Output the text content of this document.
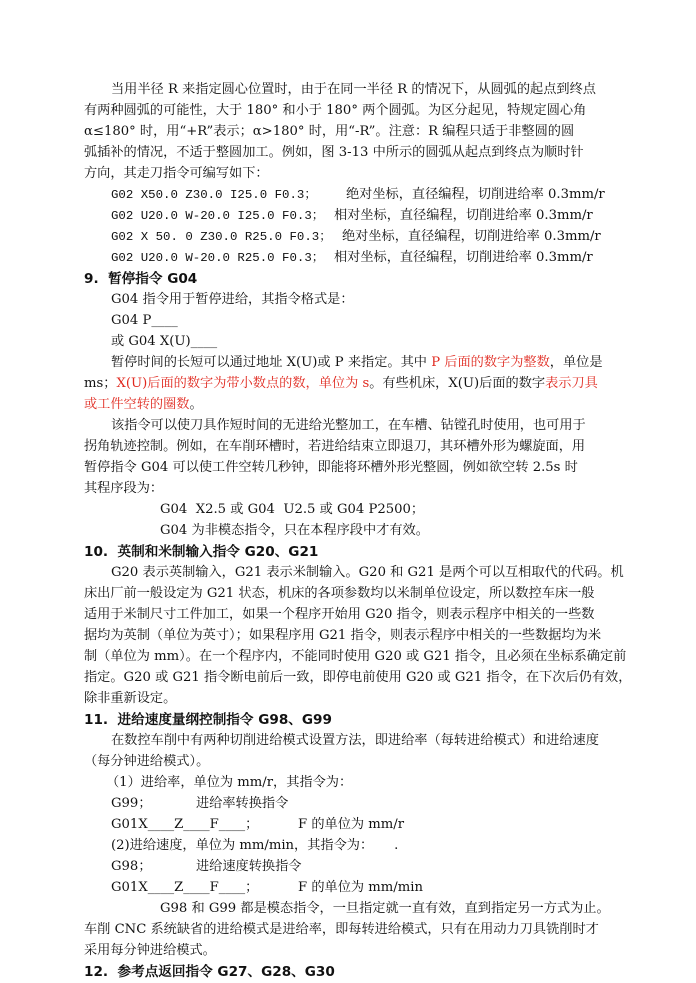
当用半径 R 来指定圆心位置时，由于在同一半径 R 的情况下，从圆弧的起点到终点
有两种圆弧的可能性，大于 180° 和小于 180° 两个圆弧。为区分起见，特规定圆心角
α≤180° 时，用“+R”表示；α>180° 时，用“-R”。注意：R 编程只适于非整圆的圆
弧插补的情况，不适于整圆加工。例如，图 3-13 中所示的圆弧从起点到终点为顺时针
方向，其走刀指令可编写如下：
G02 X50.0 Z30.0 I25.0 F0.3； 绝对坐标，直径编程，切削进给率 0.3mm/r
G02 U20.0 W-20.0 I25.0 F0.3； 相对坐标，直径编程，切削进给率 0.3mm/r
G02 X 50. 0 Z30.0 R25.0 F0.3； 绝对坐标，直径编程，切削进给率 0.3mm/r
G02 U20.0 W-20.0 R25.0 F0.3； 相对坐标，直径编程，切削进给率 0.3mm/r
9.  暂停指令 G04
G04 指令用于暂停进给，其指令格式是：
G04 P____
或 G04 X(U)____
暂停时间的长短可以通过地址 X(U)或 P 来指定。其中 P 后面的数字为整数，单位是
ms；X(U)后面的数字为带小数点的数，单位为 s。有些机床，X(U)后面的数字表示刀具
或工件空转的圈数。
该指令可以使刀具作短时间的无进给光整加工，在车槽、钻镗孔时使用，也可用于
拐角轨迹控制。例如，在车削环槽时，若进给结束立即退刀，其环槽外形为螺旋面，用
暂停指令 G04 可以使工件空转几秒钟，即能将环槽外形光整圆，例如欲空转 2.5s 时
其程序段为：
G04  X2.5 或 G04  U2.5 或 G04 P2500；
G04 为非模态指令，只在本程序段中才有效。
10.  英制和米制输入指令 G20、G21
G20 表示英制输入，G21 表示米制输入。G20 和 G21 是两个可以互相取代的代码。机
床出厂前一般设定为 G21 状态，机床的各项参数均以米制单位设定，所以数控车床一般
适用于米制尺寸工件加工，如果一个程序开始用 G20 指令，则表示程序中相关的一些数
据均为英制（单位为英寸）；如果程序用 G21 指令，则表示程序中相关的一些数据均为米
制（单位为 mm）。在一个程序内，不能同时使用 G20 或 G21 指令，且必须在坐标系确定前
指定。G20 或 G21 指令断电前后一致，即停电前使用 G20 或 G21 指令，在下次后仍有效，
除非重新设定。
11.  进给速度量纲控制指令 G98、G99
在数控车削中有两种切削进给模式设置方法，即进给率（每转进给模式）和进给速度
（每分钟进给模式）。
（1）进给率，单位为 mm/r，其指令为：
G99；	进给率转换指令
G01X____Z____F____；	F 的单位为 mm/r
(2)进给速度，单位为 mm/min，其指令为：     .
G98；	进给速度转换指令
G01X____Z____F____；	F 的单位为 mm/min
G98 和 G99 都是模态指令，一旦指定就一直有效，直到指定另一方式为止。
车削 CNC 系统缺省的进给模式是进给率，即每转进给模式，只有在用动力刀具铣削时才
采用每分钟进给模式。
12.  参考点返回指令 G27、G28、G30
